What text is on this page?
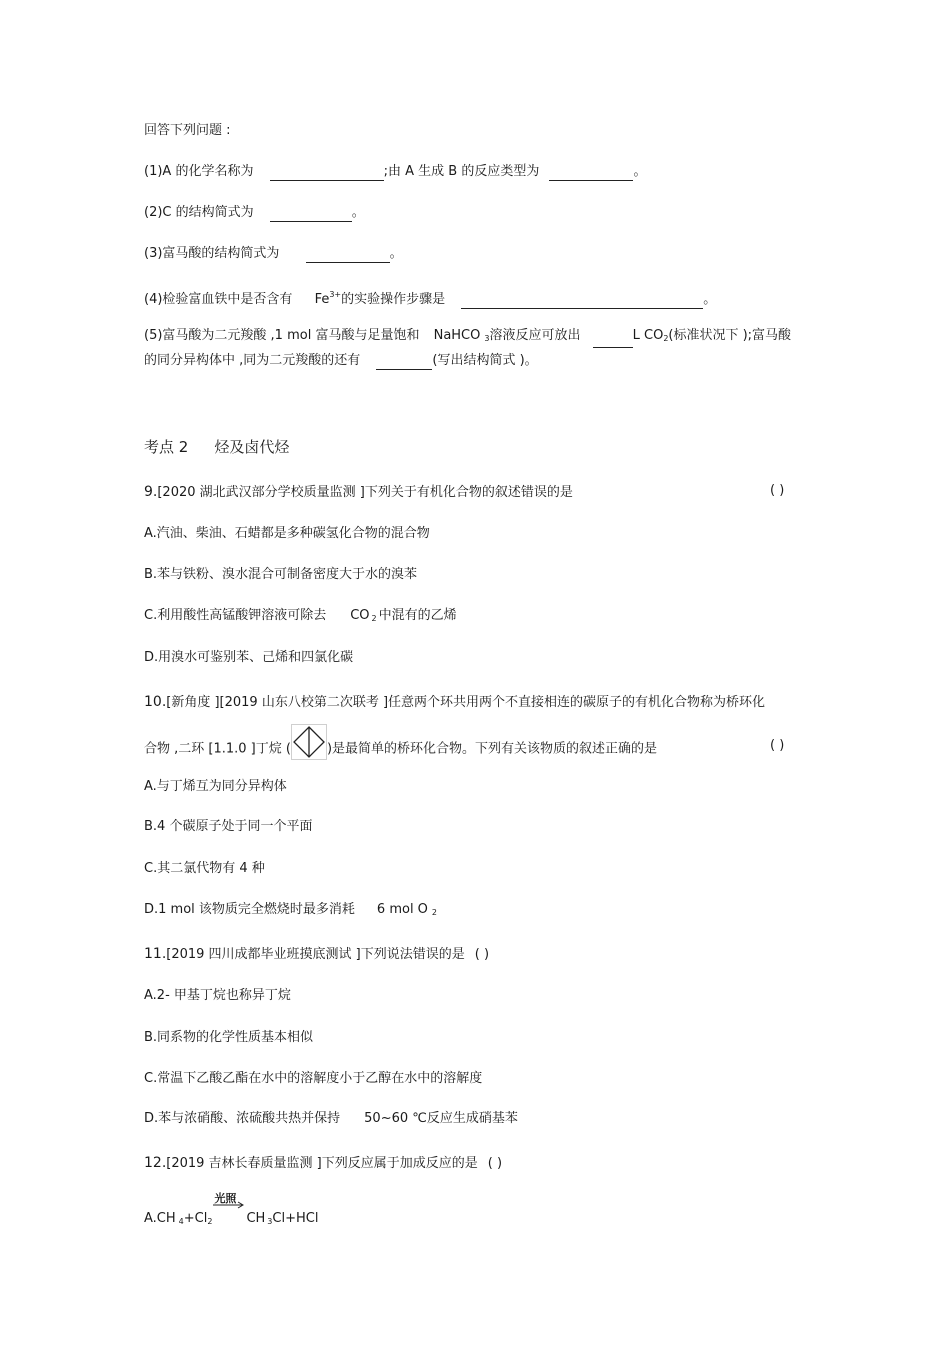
回答下列问题 :
(1)A 的化学名称为	;由 A 生成 B 的反应类型为	。
(2)C 的结构简式为	。
(3)富马酸的结构简式为	。
(4)检验富血铁中是否含有 $Fe^{3+}$的实验操作步骤是	。
(5)富马酸为二元羧酸 ,1 mol 富马酸与足量饱和 NaHCO $_3$溶液反应可放出	L $CO_2$(标准状况下 );富马酸
的同分异构体中 ,同为二元羧酸的还有	(写出结构简式 )。
考点 2 烃及卤代烃
9.[2020 湖北武汉部分学校质量监测 ]下列关于有机化合物的叙述错误的是	( )
A.汽油、柴油、石蜡都是多种碳氢化合物的混合物
B.苯与铁粉、溴水混合可制备密度大于水的溴苯
C.利用酸性高锰酸钾溶液可除去 CO $_2$ 中混有的乙烯
D.用溴水可鉴别苯、己烯和四氯化碳
10.[新角度 ][2019 山东八校第二次联考 ]任意两个环共用两个不直接相连的碳原子的有机化合物称为桥环化
合物 ,二环 [1.1.0 ]丁烷 (	)是最简单的桥环化合物。下列有关该物质的叙述正确的是	( )
A.与丁烯互为同分异构体
B.4 个碳原子处于同一个平面
C.其二氯代物有 4 种
D.1 mol 该物质完全燃烧时最多消耗 6 mol O $_2$
11.[2019 四川成都毕业班摸底测试 ]下列说法错误的是 ( )
A.2- 甲基丁烷也称异丁烷
B.同系物的化学性质基本相似
C.常温下乙酸乙酯在水中的溶解度小于乙醇在水中的溶解度
D.苯与浓硝酸、浓硫酸共热并保持 50~60 ℃反应生成硝基苯
12.[2019 吉林长春质量监测 ]下列反应属于加成反应的是 ( )
A.CH $_4+Cl_2$
光照
CH $_3$Cl+HCl
